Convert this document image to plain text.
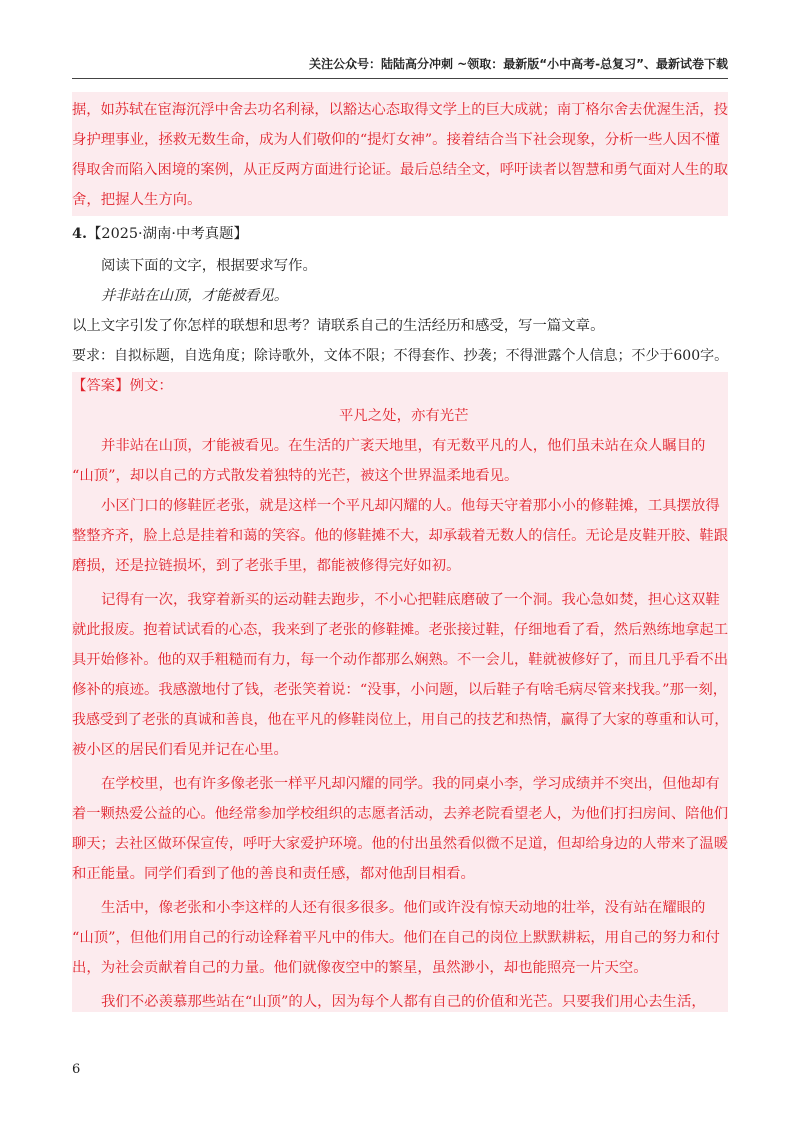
关注公众号：陆陆高分冲刺 ~领取：最新版“小中高考-总复习”、最新试卷下载
据，如苏轼在宦海沉浮中舍去功名利禄，以豁达心态取得文学上的巨大成就；南丁格尔舍去优渥生活，投
身护理事业，拯救无数生命，成为人们敬仰的“提灯女神”。接着结合当下社会现象，分析一些人因不懂
得取舍而陷入困境的案例，从正反两方面进行论证。最后总结全文，呼吁读者以智慧和勇气面对人生的取
舍，把握人生方向。
4.【2025·湖南·中考真题】
阅读下面的文字，根据要求写作。
并非站在山顶，才能被看见。
以上文字引发了你怎样的联想和思考？请联系自己的生活经历和感受，写一篇文章。
要求：自拟标题，自选角度；除诗歌外，文体不限；不得套作、抄袭；不得泄露个人信息；不少于600字。
【答案】例文：
平凡之处，亦有光芒
并非站在山顶，才能被看见。在生活的广袤天地里，有无数平凡的人，他们虽未站在众人瞩目的
“山顶”，却以自己的方式散发着独特的光芒，被这个世界温柔地看见。
小区门口的修鞋匠老张，就是这样一个平凡却闪耀的人。他每天守着那小小的修鞋摊，工具摆放得
整整齐齐，脸上总是挂着和蔼的笑容。他的修鞋摊不大，却承载着无数人的信任。无论是皮鞋开胶、鞋跟
磨损，还是拉链损坏，到了老张手里，都能被修得完好如初。
记得有一次，我穿着新买的运动鞋去跑步，不小心把鞋底磨破了一个洞。我心急如焚，担心这双鞋
就此报废。抱着试试看的心态，我来到了老张的修鞋摊。老张接过鞋，仔细地看了看，然后熟练地拿起工
具开始修补。他的双手粗糙而有力，每一个动作都那么娴熟。不一会儿，鞋就被修好了，而且几乎看不出
修补的痕迹。我感激地付了钱，老张笑着说：“没事，小问题，以后鞋子有啥毛病尽管来找我。”那一刻，
我感受到了老张的真诚和善良，他在平凡的修鞋岗位上，用自己的技艺和热情，赢得了大家的尊重和认可，
被小区的居民们看见并记在心里。
在学校里，也有许多像老张一样平凡却闪耀的同学。我的同桌小李，学习成绩并不突出，但他却有
着一颗热爱公益的心。他经常参加学校组织的志愿者活动，去养老院看望老人，为他们打扫房间、陪他们
聊天；去社区做环保宣传，呼吁大家爱护环境。他的付出虽然看似微不足道，但却给身边的人带来了温暖
和正能量。同学们看到了他的善良和责任感，都对他刮目相看。
生活中，像老张和小李这样的人还有很多很多。他们或许没有惊天动地的壮举，没有站在耀眼的
“山顶”，但他们用自己的行动诠释着平凡中的伟大。他们在自己的岗位上默默耕耘，用自己的努力和付
出，为社会贡献着自己的力量。他们就像夜空中的繁星，虽然渺小，却也能照亮一片天空。
我们不必羡慕那些站在“山顶”的人，因为每个人都有自己的价值和光芒。只要我们用心去生活，
6
